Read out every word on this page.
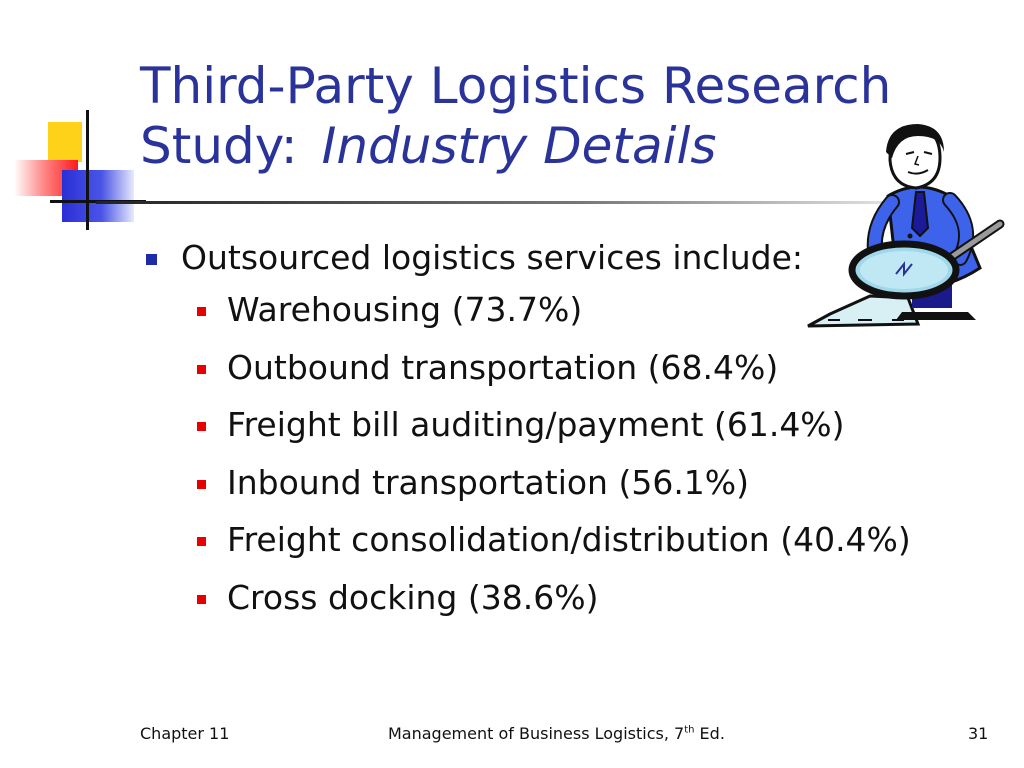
Third-Party Logistics Research
Study: Industry Details
Outsourced logistics services include:
Warehousing (73.7%)
Outbound transportation (68.4%)
Freight bill auditing/payment (61.4%)
Inbound transportation (56.1%)
Freight consolidation/distribution (40.4%)
Cross docking (38.6%)
Chapter 11	Management of Business Logistics, 7th Ed.	31
